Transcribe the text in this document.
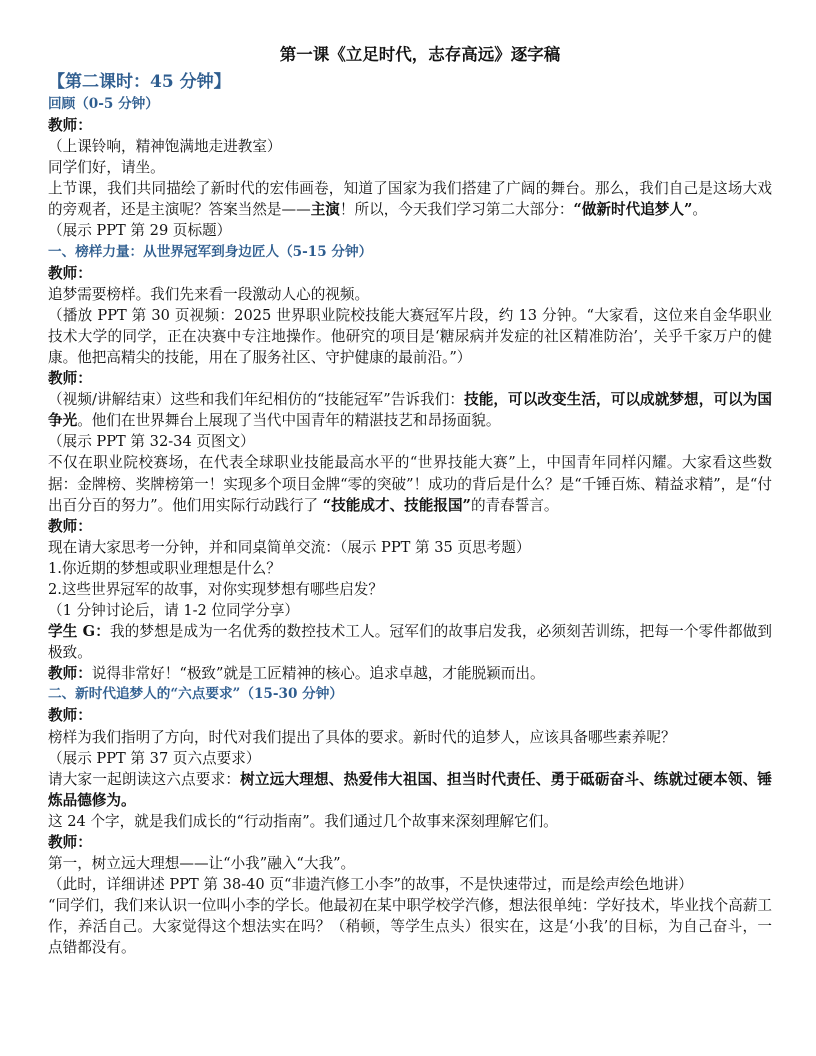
第一课《立足时代，志存高远》逐字稿
【第二课时：45 分钟】
回顾（0-5 分钟）
教师：
（上课铃响，精神饱满地走进教室）
同学们好，请坐。
上节课，我们共同描绘了新时代的宏伟画卷，知道了国家为我们搭建了广阔的舞台。那么，我们自己是这场大戏的旁观者，还是主演呢？答案当然是——主演！所以，今天我们学习第二大部分：“做新时代追梦人”。
（展示 PPT 第 29 页标题）
一、榜样力量：从世界冠军到身边匠人（5-15 分钟）
教师：
追梦需要榜样。我们先来看一段激动人心的视频。
（播放 PPT 第 30 页视频：2025 世界职业院校技能大赛冠军片段，约 13 分钟。“大家看，这位来自金华职业技术大学的同学，正在决赛中专注地操作。他研究的项目是‘糖尿病并发症的社区精准防治’，关乎千家万户的健康。他把高精尖的技能，用在了服务社区、守护健康的最前沿。”）
教师：
（视频/讲解结束）这些和我们年纪相仿的“技能冠军”告诉我们：技能，可以改变生活，可以成就梦想，可以为国争光。他们在世界舞台上展现了当代中国青年的精湛技艺和昂扬面貌。
（展示 PPT 第 32-34 页图文）
不仅在职业院校赛场，在代表全球职业技能最高水平的“世界技能大赛”上，中国青年同样闪耀。大家看这些数据：金牌榜、奖牌榜第一！实现多个项目金牌“零的突破”！成功的背后是什么？是“千锤百炼、精益求精”，是“付出百分百的努力”。他们用实际行动践行了 “技能成才、技能报国”的青春誓言。
教师：
现在请大家思考一分钟，并和同桌简单交流：（展示 PPT 第 35 页思考题）
1.你近期的梦想或职业理想是什么？
2.这些世界冠军的故事，对你实现梦想有哪些启发？
（1 分钟讨论后，请 1-2 位同学分享）
学生 G：我的梦想是成为一名优秀的数控技术工人。冠军们的故事启发我，必须刻苦训练，把每一个零件都做到极致。
教师：说得非常好！“极致”就是工匠精神的核心。追求卓越，才能脱颖而出。
二、新时代追梦人的“六点要求”（15-30 分钟）
教师：
榜样为我们指明了方向，时代对我们提出了具体的要求。新时代的追梦人，应该具备哪些素养呢？
（展示 PPT 第 37 页六点要求）
请大家一起朗读这六点要求：树立远大理想、热爱伟大祖国、担当时代责任、勇于砥砺奋斗、练就过硬本领、锤炼品德修为。
这 24 个字，就是我们成长的“行动指南”。我们通过几个故事来深刻理解它们。
教师：
第一，树立远大理想——让“小我”融入“大我”。
（此时，详细讲述 PPT 第 38-40 页“非遗汽修工小李”的故事，不是快速带过，而是绘声绘色地讲）
“同学们，我们来认识一位叫小李的学长。他最初在某中职学校学汽修，想法很单纯：学好技术，毕业找个高薪工作，养活自己。大家觉得这个想法实在吗？（稍顿，等学生点头）很实在，这是‘小我’的目标，为自己奋斗，一点错都没有。
